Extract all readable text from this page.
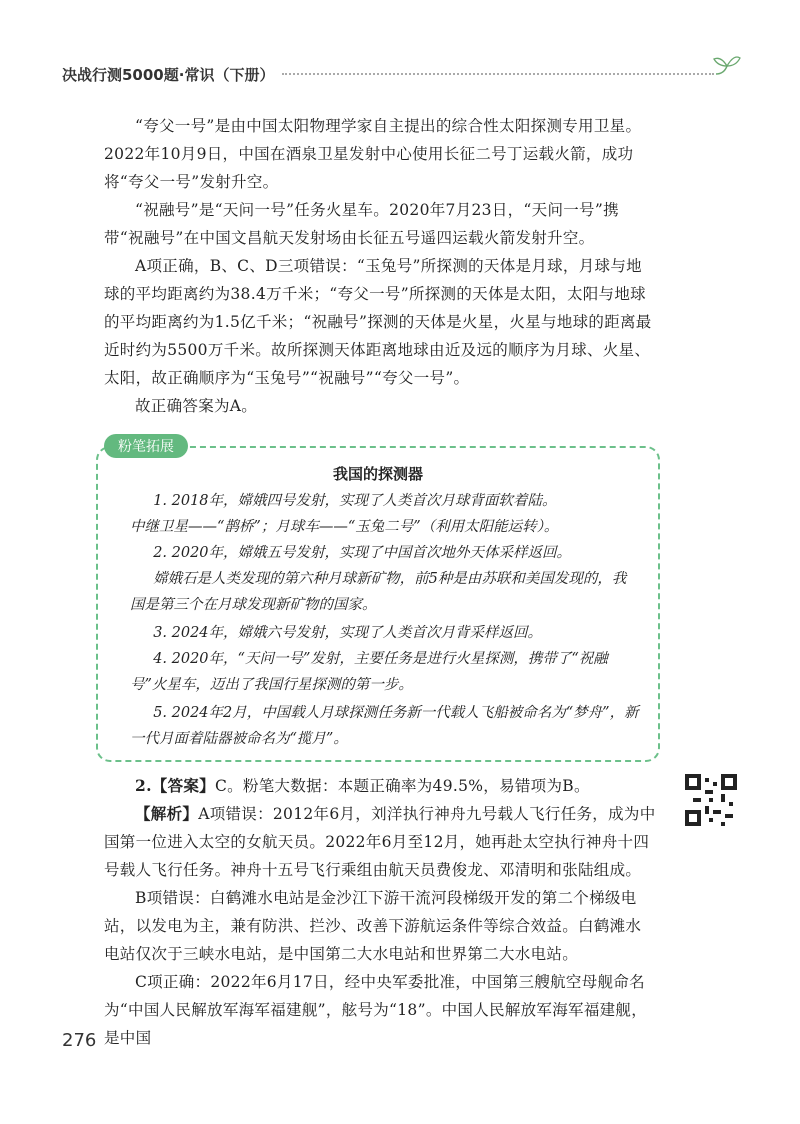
决战行测5000题·常识（下册）

“夸父一号”是由中国太阳物理学家自主提出的综合性太阳探测专用卫星。2022年10月9日，中国在酒泉卫星发射中心使用长征二号丁运载火箭，成功将“夸父一号”发射升空。

“祝融号”是“天问一号”任务火星车。2020年7月23日，“天问一号”携带“祝融号”在中国文昌航天发射场由长征五号遥四运载火箭发射升空。

A项正确，B、C、D三项错误：“玉兔号”所探测的天体是月球，月球与地球的平均距离约为38.4万千米；“夸父一号”所探测的天体是太阳，太阳与地球的平均距离约为1.5亿千米；“祝融号”探测的天体是火星，火星与地球的距离最近时约为5500万千米。故所探测天体距离地球由近及远的顺序为月球、火星、太阳，故正确顺序为“玉兔号”“祝融号”“夸父一号”。

故正确答案为A。

粉笔拓展
我国的探测器

1. 2018年，嫦娥四号发射，实现了人类首次月球背面软着陆。

中继卫星——“鹊桥”；月球车——“玉兔二号”（利用太阳能运转）。

2. 2020年，嫦娥五号发射，实现了中国首次地外天体采样返回。

嫦娥石是人类发现的第六种月球新矿物，前5种是由苏联和美国发现的，我国是第三个在月球发现新矿物的国家。

3. 2024年，嫦娥六号发射，实现了人类首次月背采样返回。

4. 2020年，“天问一号”发射，主要任务是进行火星探测，携带了“祝融号”火星车，迈出了我国行星探测的第一步。

5. 2024年2月，中国载人月球探测任务新一代载人飞船被命名为“梦舟”，新一代月面着陆器被命名为“揽月”。

2.【答案】C。粉笔大数据：本题正确率为49.5%，易错项为B。

【解析】A项错误：2012年6月，刘洋执行神舟九号载人飞行任务，成为中国第一位进入太空的女航天员。2022年6月至12月，她再赴太空执行神舟十四号载人飞行任务。神舟十五号飞行乘组由航天员费俊龙、邓清明和张陆组成。

B项错误：白鹤滩水电站是金沙江下游干流河段梯级开发的第二个梯级电站，以发电为主，兼有防洪、拦沙、改善下游航运条件等综合效益。白鹤滩水电站仅次于三峡水电站，是中国第二大水电站和世界第二大水电站。

C项正确：2022年6月17日，经中央军委批准，中国第三艘航空母舰命名为“中国人民解放军海军福建舰”，舷号为“18”。中国人民解放军海军福建舰，是中国

276
